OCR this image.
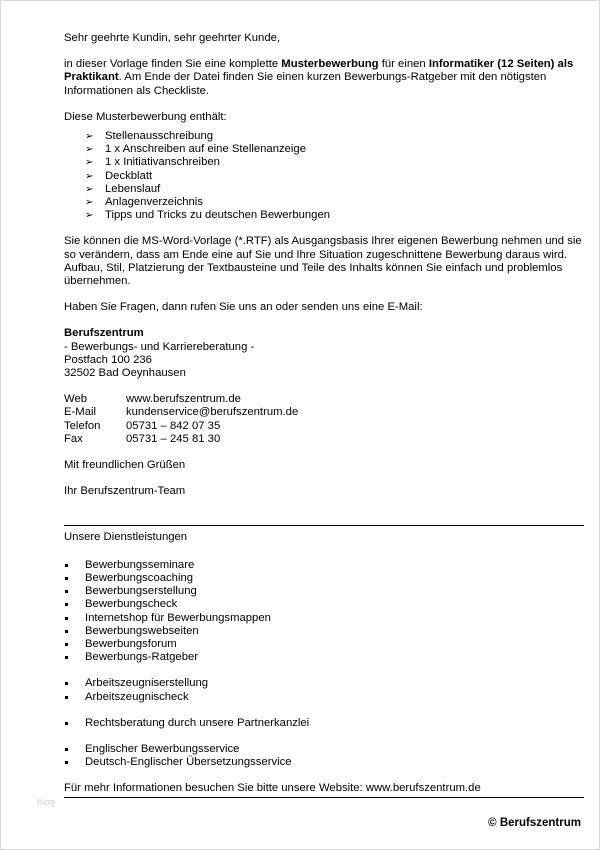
Sehr geehrte Kundin, sehr geehrter Kunde,

in dieser Vorlage finden Sie eine komplette Musterbewerbung für einen Informatiker (12 Seiten) als Praktikant. Am Ende der Datei finden Sie einen kurzen Bewerbungs-Ratgeber mit den nötigsten Informationen als Checkliste.

Diese Musterbewerbung enthält:

➢ Stellenausschreibung
➢ 1 x Anschreiben auf eine Stellenanzeige
➢ 1 x Initiativanschreiben
➢ Deckblatt
➢ Lebenslauf
➢ Anlagenverzeichnis
➢ Tipps und Tricks zu deutschen Bewerbungen

Sie können die MS-Word-Vorlage (*.RTF) als Ausgangsbasis Ihrer eigenen Bewerbung nehmen und sie so verändern, dass am Ende eine auf Sie und Ihre Situation zugeschnittene Bewerbung daraus wird. Aufbau, Stil, Platzierung der Textbausteine und Teile des Inhalts können Sie einfach und problemlos übernehmen.

Haben Sie Fragen, dann rufen Sie uns an oder senden uns eine E-Mail:

Berufszentrum

- Bewerbungs- und Karriereberatung -

Postfach 100 236

32502 Bad Oeynhausen

Web	www.berufszentrum.de
E-Mail	kundenservice@berufszentrum.de
Telefon	05731 – 842 07 35
Fax	05731 – 245 81 30

Mit freundlichen Grüßen

Ihr Berufszentrum-Team

Unsere Dienstleistungen

Bewerbungsseminare
Bewerbungscoaching
Bewerbungserstellung
Bewerbungscheck
Internetshop für Bewerbungsmappen
Bewerbungswebseiten
Bewerbungsforum
Bewerbungs-Ratgeber
Arbeitszeugniserstellung
Arbeitszeugnischeck
Rechtsberatung durch unsere Partnerkanzlei
Englischer Bewerbungsservice
Deutsch-Englischer Übersetzungsservice

Für mehr Informationen besuchen Sie bitte unsere Website: www.berufszentrum.de

blog
© Berufszentrum
